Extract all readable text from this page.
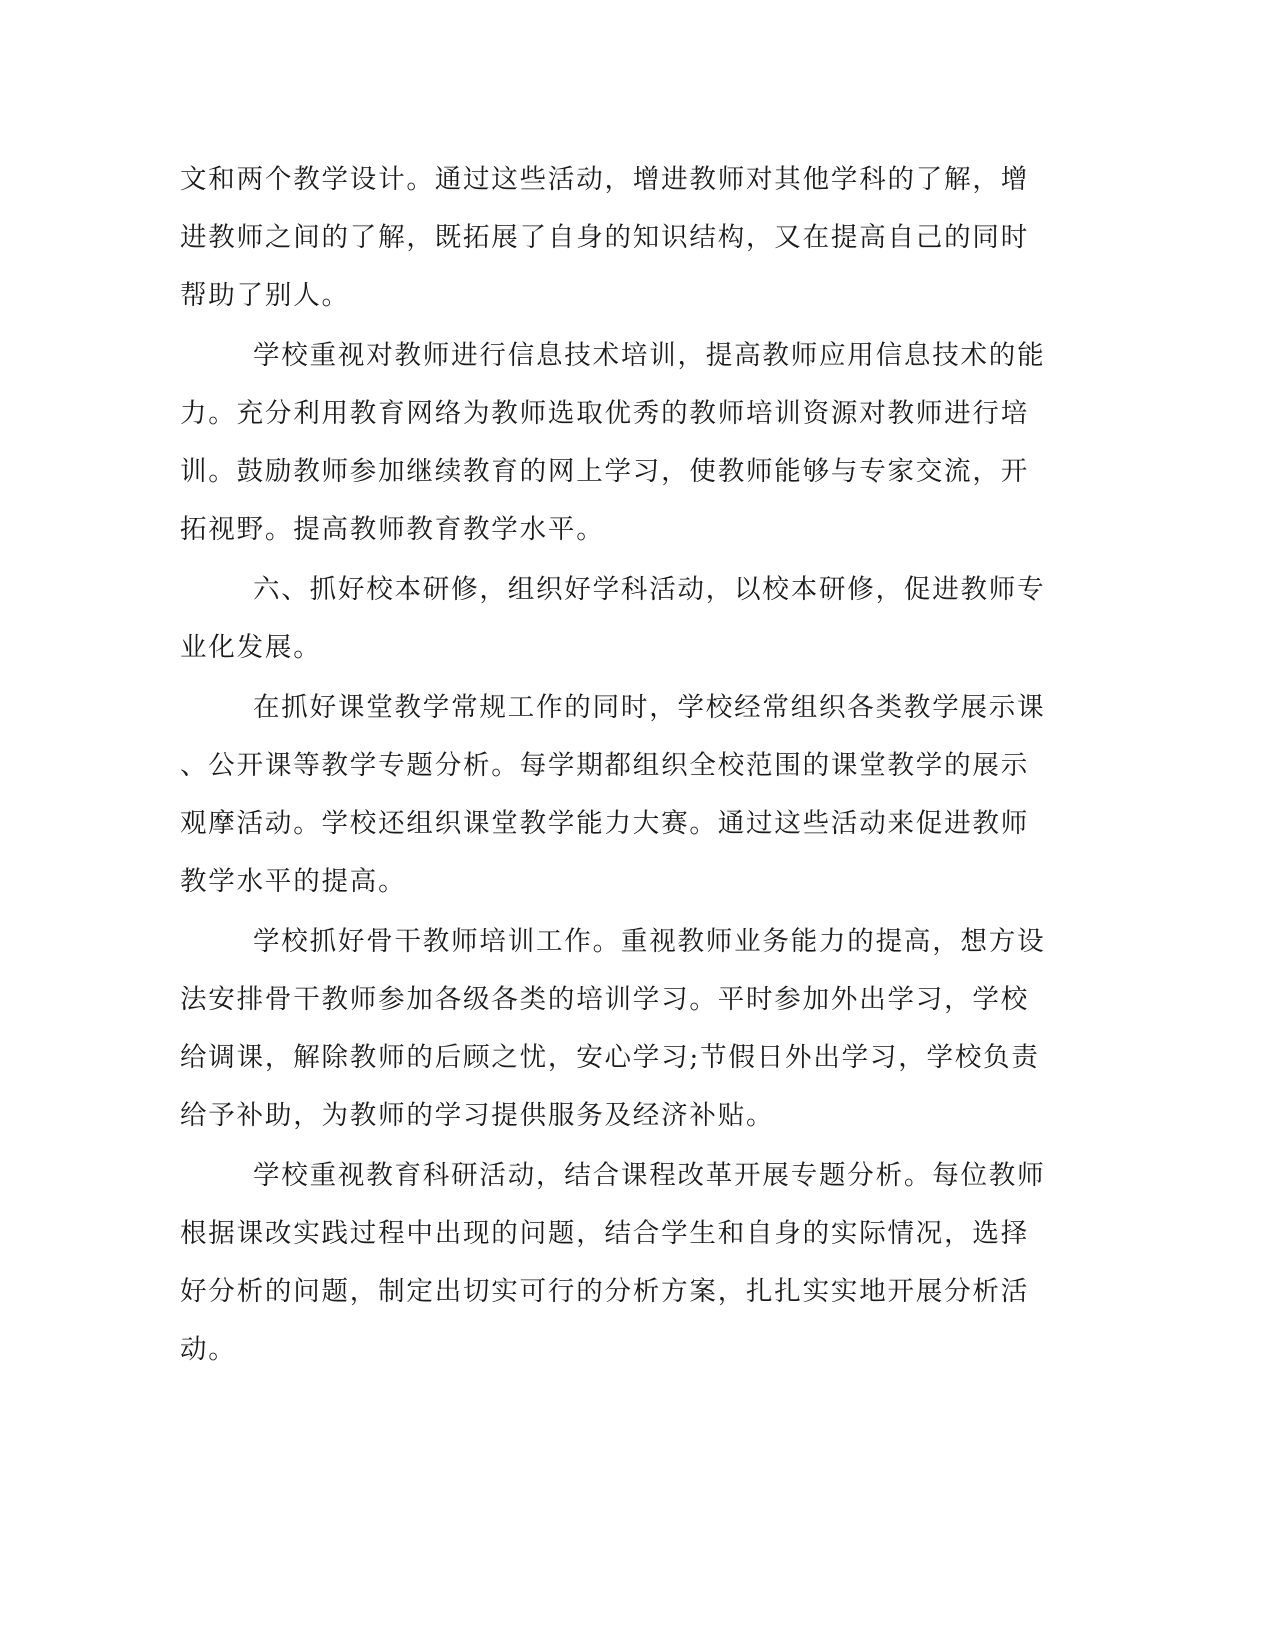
文和两个教学设计。通过这些活动，增进教师对其他学科的了解，增
进教师之间的了解，既拓展了自身的知识结构，又在提高自己的同时
帮助了别人。
学校重视对教师进行信息技术培训，提高教师应用信息技术的能
力。充分利用教育网络为教师选取优秀的教师培训资源对教师进行培
训。鼓励教师参加继续教育的网上学习，使教师能够与专家交流，开
拓视野。提高教师教育教学水平。
六、抓好校本研修，组织好学科活动，以校本研修，促进教师专
业化发展。
在抓好课堂教学常规工作的同时，学校经常组织各类教学展示课
、公开课等教学专题分析。每学期都组织全校范围的课堂教学的展示
观摩活动。学校还组织课堂教学能力大赛。通过这些活动来促进教师
教学水平的提高。
学校抓好骨干教师培训工作。重视教师业务能力的提高，想方设
法安排骨干教师参加各级各类的培训学习。平时参加外出学习，学校
给调课，解除教师的后顾之忧，安心学习;节假日外出学习，学校负责
给予补助，为教师的学习提供服务及经济补贴。
学校重视教育科研活动，结合课程改革开展专题分析。每位教师
根据课改实践过程中出现的问题，结合学生和自身的实际情况，选择
好分析的问题，制定出切实可行的分析方案，扎扎实实地开展分析活
动。
